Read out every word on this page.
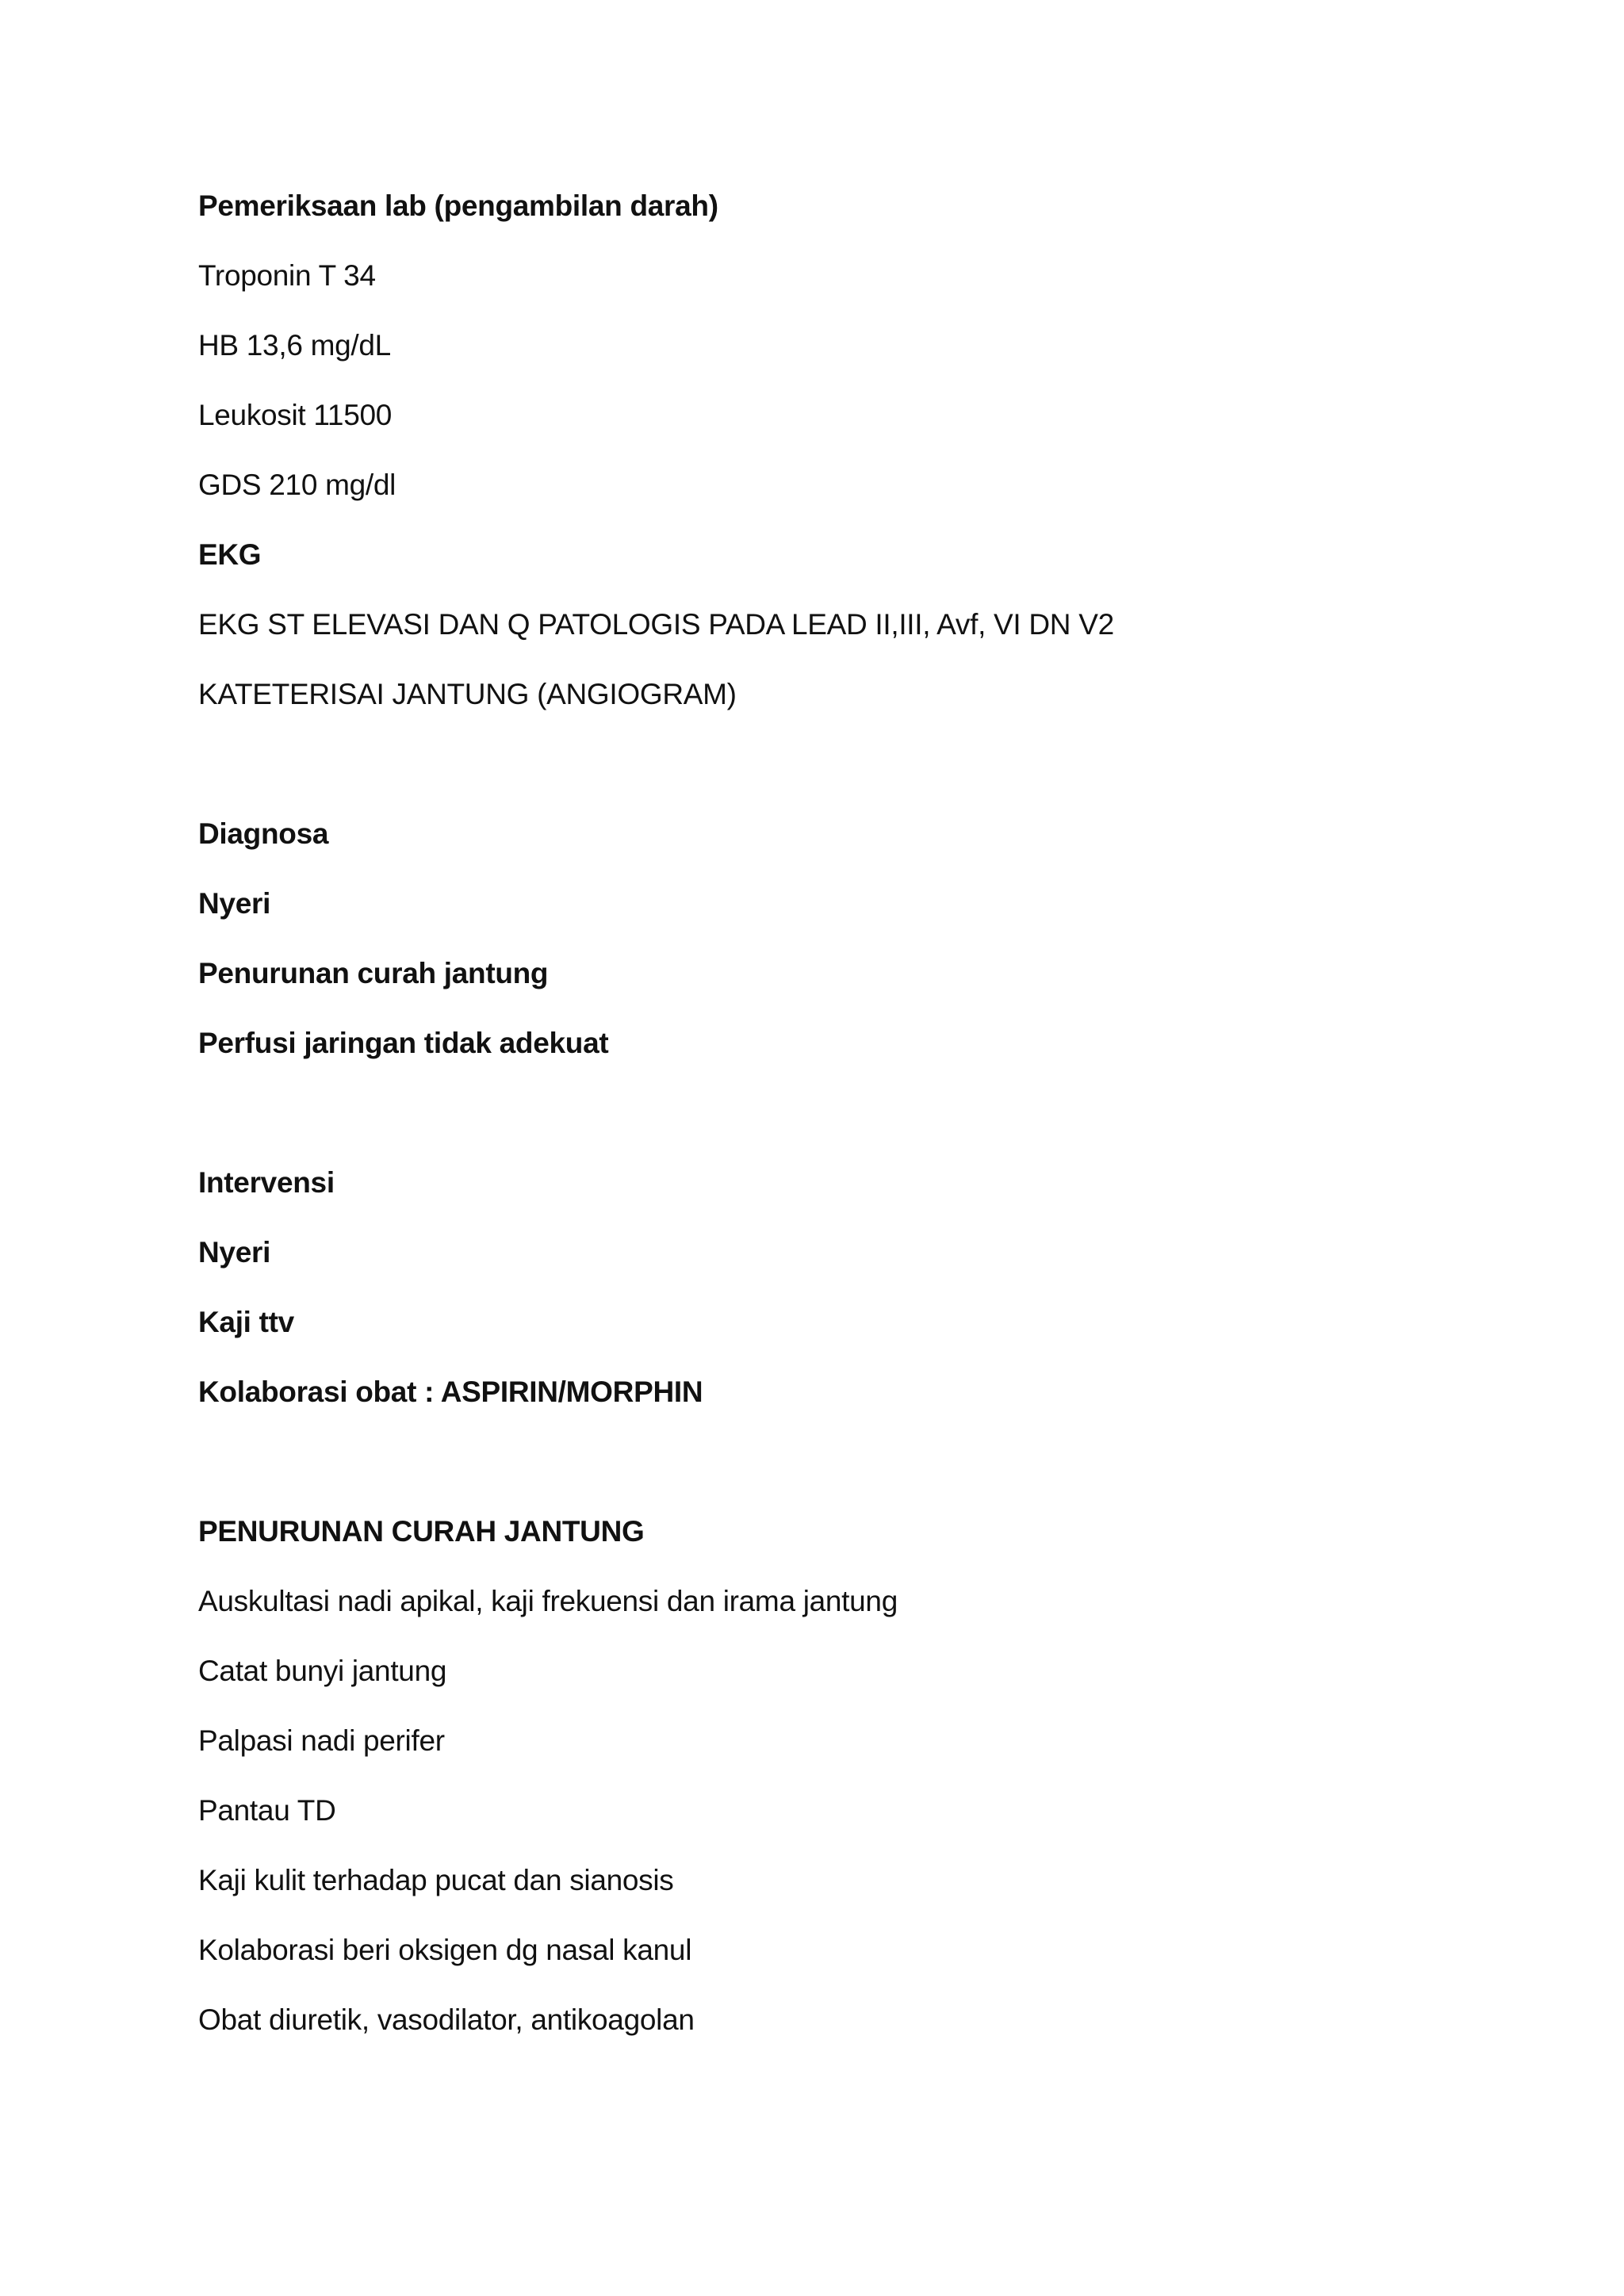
Pemeriksaan lab (pengambilan darah)
Troponin T 34
HB 13,6 mg/dL
Leukosit 11500
GDS 210 mg/dl
EKG
EKG ST ELEVASI DAN Q PATOLOGIS PADA LEAD II,III, Avf, VI DN V2
KATETERISAI JANTUNG (ANGIOGRAM)
Diagnosa
Nyeri
Penurunan curah jantung
Perfusi jaringan tidak adekuat
Intervensi
Nyeri
Kaji ttv
Kolaborasi obat : ASPIRIN/MORPHIN
PENURUNAN CURAH JANTUNG
Auskultasi nadi apikal, kaji frekuensi dan irama jantung
Catat bunyi jantung
Palpasi nadi perifer
Pantau TD
Kaji kulit terhadap pucat dan sianosis
Kolaborasi beri oksigen dg nasal kanul
Obat diuretik, vasodilator, antikoagolan
